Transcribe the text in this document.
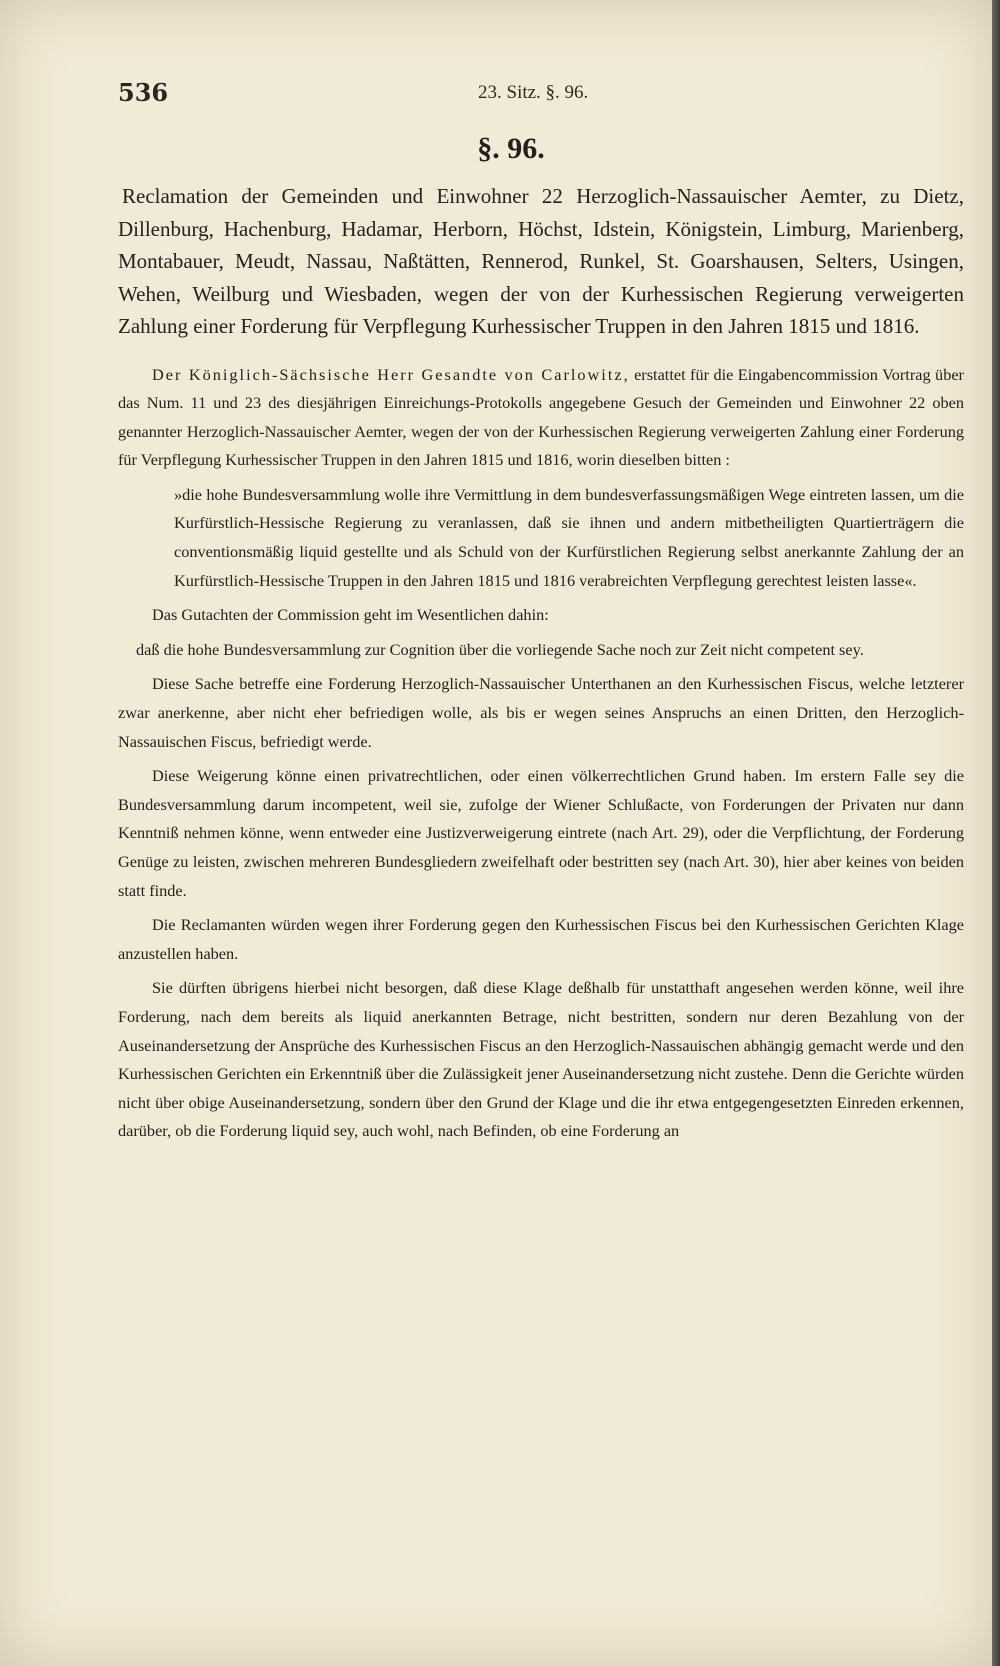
536	23. Sitz. §. 96.
§. 96.

Reclamation der Gemeinden und Einwohner 22 Herzoglich-Nassauischer Aemter, zu Dietz, Dillenburg, Hachenburg, Hadamar, Herborn, Höchst, Idstein, Königstein, Limburg, Marienberg, Montabauer, Meudt, Nassau, Naßtätten, Rennerod, Runkel, St. Goarshausen, Selters, Usingen, Wehen, Weilburg und Wiesbaden, wegen der von der Kurhessischen Regierung verweigerten Zahlung einer Forderung für Verpflegung Kurhessischer Truppen in den Jahren 1815 und 1816.

Der Königlich-Sächsische Herr Gesandte von Carlowitz, erstattet für die Eingabencommission Vortrag über das Num. 11 und 23 des diesjährigen Einreichungs-Protokolls angegebene Gesuch der Gemeinden und Einwohner 22 oben genannter Herzoglich-Nassauischer Aemter, wegen der von der Kurhessischen Regierung verweigerten Zahlung einer Forderung für Verpflegung Kurhessischer Truppen in den Jahren 1815 und 1816, worin dieselben bitten :

»die hohe Bundesversammlung wolle ihre Vermittlung in dem bundesverfassungsmäßigen Wege eintreten lassen, um die Kurfürstlich-Hessische Regierung zu veranlassen, daß sie ihnen und andern mitbetheiligten Quartierträgern die conventionsmäßig liquid gestellte und als Schuld von der Kurfürstlichen Regierung selbst anerkannte Zahlung der an Kurfürstlich-Hessische Truppen in den Jahren 1815 und 1816 verabreichten Verpflegung gerechtest leisten lasse«.

Das Gutachten der Commission geht im Wesentlichen dahin:

daß die hohe Bundesversammlung zur Cognition über die vorliegende Sache noch zur Zeit nicht competent sey.

Diese Sache betreffe eine Forderung Herzoglich-Nassauischer Unterthanen an den Kurhessischen Fiscus, welche letzterer zwar anerkenne, aber nicht eher befriedigen wolle, als bis er wegen seines Anspruchs an einen Dritten, den Herzoglich-Nassauischen Fiscus, befriedigt werde.

Diese Weigerung könne einen privatrechtlichen, oder einen völkerrechtlichen Grund haben. Im erstern Falle sey die Bundesversammlung darum incompetent, weil sie, zufolge der Wiener Schlußacte, von Forderungen der Privaten nur dann Kenntniß nehmen könne, wenn entweder eine Justizverweigerung eintrete (nach Art. 29), oder die Verpflichtung, der Forderung Genüge zu leisten, zwischen mehreren Bundesgliedern zweifelhaft oder bestritten sey (nach Art. 30), hier aber keines von beiden statt finde.

Die Reclamanten würden wegen ihrer Forderung gegen den Kurhessischen Fiscus bei den Kurhessischen Gerichten Klage anzustellen haben.

Sie dürften übrigens hierbei nicht besorgen, daß diese Klage deßhalb für unstatthaft angesehen werden könne, weil ihre Forderung, nach dem bereits als liquid anerkannten Betrage, nicht bestritten, sondern nur deren Bezahlung von der Auseinandersetzung der Ansprüche des Kurhessischen Fiscus an den Herzoglich-Nassauischen abhängig gemacht werde und den Kurhessischen Gerichten ein Erkenntniß über die Zulässigkeit jener Auseinandersetzung nicht zustehe. Denn die Gerichte würden nicht über obige Auseinandersetzung, sondern über den Grund der Klage und die ihr etwa entgegengesetzten Einreden erkennen, darüber, ob die Forderung liquid sey, auch wohl, nach Befinden, ob eine Forderung an
